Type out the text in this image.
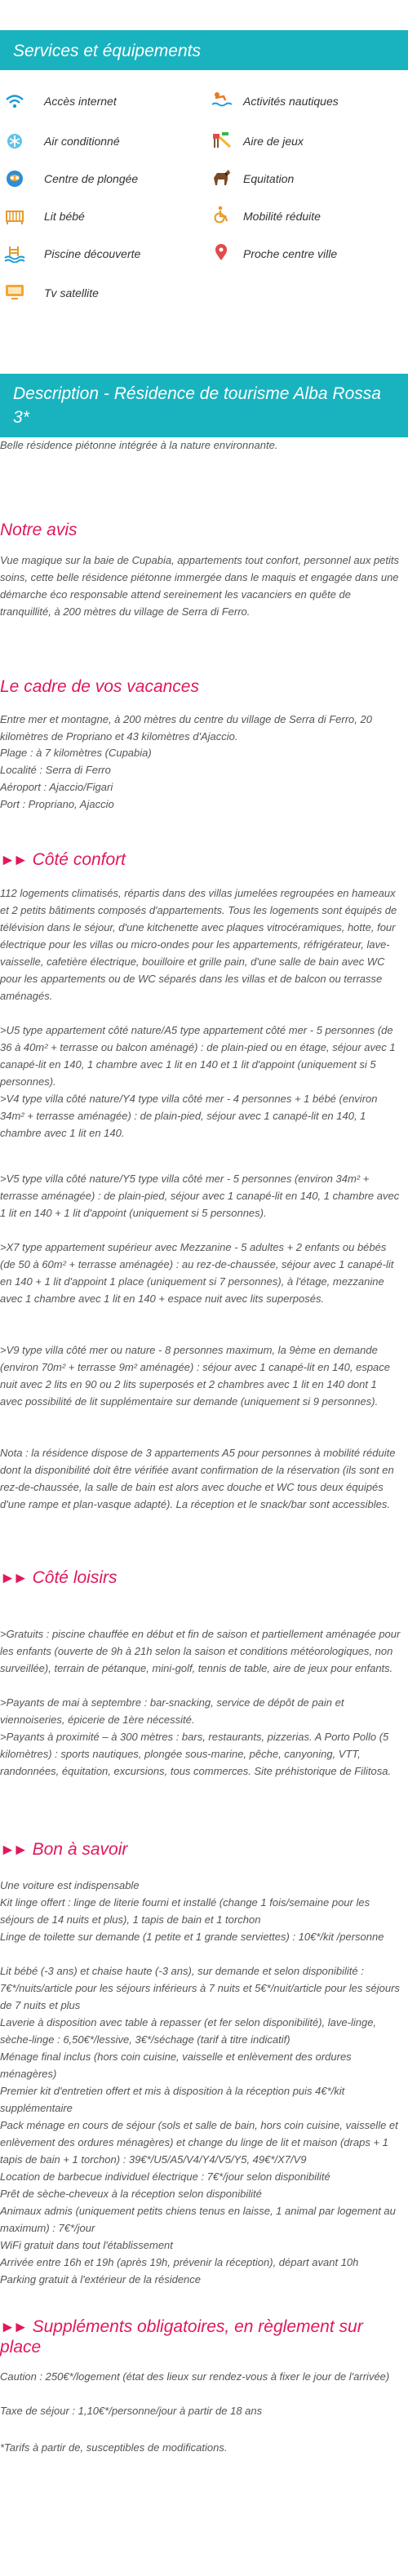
Services et équipements
Accès internet	Activités nautiques
Air conditionné	Aire de jeux
Centre de plongée	Equitation
Lit bébé	Mobilité réduite
Piscine découverte	Proche centre ville
Tv satellite
Description - Résidence de tourisme Alba Rossa 3*
Belle résidence piétonne intégrée à la nature environnante.
Notre avis
Vue magique sur la baie de Cupabia, appartements tout confort, personnel aux petits soins, cette belle résidence piétonne immergée dans le maquis et engagée dans une démarche éco responsable attend sereinement les vacanciers en quête de tranquillité, à 200 mètres du village de Serra di Ferro.
Le cadre de vos vacances
Entre mer et montagne, à 200 mètres du centre du village de Serra di Ferro, 20 kilomètres de Propriano et 43 kilomètres d'Ajaccio.
Plage : à 7 kilomètres (Cupabia)
Localité : Serra di Ferro
Aéroport : Ajaccio/Figari
Port : Propriano, Ajaccio
►► Côté confort
112 logements climatisés, répartis dans des villas jumelées regroupées en hameaux et 2 petits bâtiments composés d'appartements. Tous les logements sont équipés de télévision dans le séjour, d'une kitchenette avec plaques vitrocéramiques, hotte, four électrique pour les villas ou micro-ondes pour les appartements, réfrigérateur, lave-vaisselle, cafetière électrique, bouilloire et grille pain, d'une salle de bain avec WC pour les appartements ou de WC séparés dans les villas et de balcon ou terrasse aménagés.
>U5 type appartement côté nature/A5 type appartement côté mer - 5 personnes (de 36 à 40m² + terrasse ou balcon aménagé) : de plain-pied ou en étage, séjour avec 1 canapé-lit en 140, 1 chambre avec 1 lit en 140 et 1 lit d'appoint (uniquement si 5 personnes).
>V4 type villa côté nature/Y4 type villa côté mer - 4 personnes + 1 bébé (environ 34m² + terrasse aménagée) : de plain-pied, séjour avec 1 canapé-lit en 140, 1 chambre avec 1 lit en 140.
>V5 type villa côté nature/Y5 type villa côté mer - 5 personnes (environ 34m² + terrasse aménagée) : de plain-pied, séjour avec 1 canapé-lit en 140, 1 chambre avec 1 lit en 140 + 1 lit d'appoint (uniquement si 5 personnes).
>X7 type appartement supérieur avec Mezzanine - 5 adultes + 2 enfants ou bébés (de 50 à 60m² + terrasse aménagée) : au rez-de-chaussée, séjour avec 1 canapé-lit en 140 + 1 lit d'appoint 1 place (uniquement si 7 personnes), à l'étage, mezzanine avec 1 chambre avec 1 lit en 140 + espace nuit avec lits superposés.
>V9 type villa côté mer ou nature - 8 personnes maximum, la 9ème en demande (environ 70m² + terrasse 9m² aménagée) : séjour avec 1 canapé-lit en 140, espace nuit avec 2 lits en 90 ou 2 lits superposés et 2 chambres avec 1 lit en 140 dont 1 avec possibilité de lit supplémentaire sur demande (uniquement si 9 personnes).
Nota : la résidence dispose de 3 appartements A5 pour personnes à mobilité réduite dont la disponibilité doit être vérifiée avant confirmation de la réservation (ils sont en rez-de-chaussée, la salle de bain est alors avec douche et WC tous deux équipés d'une rampe et plan-vasque adapté). La réception et le snack/bar sont accessibles.
►► Côté loisirs
>Gratuits : piscine chauffée en début et fin de saison et partiellement aménagée pour les enfants (ouverte de 9h à 21h selon la saison et conditions météorologiques, non surveillée), terrain de pétanque, mini-golf, tennis de table, aire de jeux pour enfants.
>Payants de mai à septembre : bar-snacking, service de dépôt de pain et viennoiseries, épicerie de 1ère nécessité.
>Payants à proximité – à 300 mètres : bars, restaurants, pizzerias. A Porto Pollo (5 kilomètres) : sports nautiques, plongée sous-marine, pêche, canyoning, VTT, randonnées, équitation, excursions, tous commerces. Site préhistorique de Filitosa.
►► Bon à savoir
Une voiture est indispensable
Kit linge offert : linge de literie fourni et installé (change 1 fois/semaine pour les séjours de 14 nuits et plus), 1 tapis de bain et 1 torchon
Linge de toilette sur demande (1 petite et 1 grande serviettes) : 10€*/kit /personne
Lit bébé (-3 ans) et chaise haute (-3 ans), sur demande et selon disponibilité : 7€*/nuits/article pour les séjours inférieurs à 7 nuits et 5€*/nuit/article pour les séjours de 7 nuits et plus
Laverie à disposition avec table à repasser (et fer selon disponibilité), lave-linge, sèche-linge : 6,50€*/lessive, 3€*/séchage (tarif à titre indicatif)
Ménage final inclus (hors coin cuisine, vaisselle et enlèvement des ordures ménagères)
Premier kit d'entretien offert et mis à disposition à la réception puis 4€*/kit supplémentaire
Pack ménage en cours de séjour (sols et salle de bain, hors coin cuisine, vaisselle et enlèvement des ordures ménagères) et change du linge de lit et maison (draps + 1 tapis de bain + 1 torchon) : 39€*/U5/A5/V4/Y4/V5/Y5, 49€*/X7/V9
Location de barbecue individuel électrique : 7€*/jour selon disponibilité
Prêt de sèche-cheveux à la réception selon disponibilité
Animaux admis (uniquement petits chiens tenus en laisse, 1 animal par logement au maximum) : 7€*/jour
WiFi gratuit dans tout l'établissement
Arrivée entre 16h et 19h (après 19h, prévenir la réception), départ avant 10h
Parking gratuit à l'extérieur de la résidence
►► Suppléments obligatoires, en règlement sur place
Caution : 250€*/logement (état des lieux sur rendez-vous à fixer le jour de l'arrivée)
Taxe de séjour : 1,10€*/personne/jour à partir de 18 ans
*Tarifs à partir de, susceptibles de modifications.
